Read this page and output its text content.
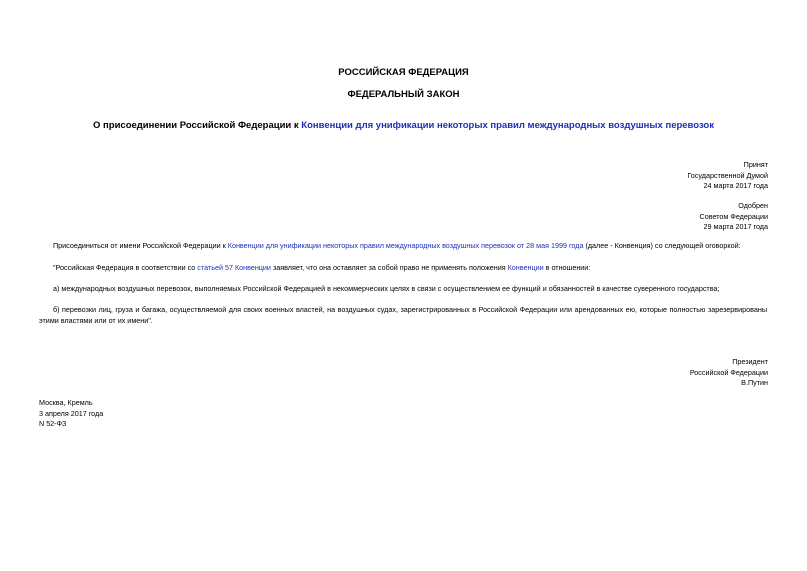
РОССИЙСКАЯ ФЕДЕРАЦИЯ
ФЕДЕРАЛЬНЫЙ ЗАКОН
О присоединении Российской Федерации к Конвенции для унификации некоторых правил международных воздушных перевозок
Принят
Государственной Думой
24 марта 2017 года
Одобрен
Советом Федерации
29 марта 2017 года
Присоединиться от имени Российской Федерации к Конвенции для унификации некоторых правил международных воздушных перевозок от 28 мая 1999 года (далее - Конвенция) со следующей оговоркой:
"Российская Федерация в соответствии со статьей 57 Конвенции заявляет, что она оставляет за собой право не применять положения Конвенции в отношении:
а) международных воздушных перевозок, выполняемых Российской Федерацией в некоммерческих целях в связи с осуществлением ее функций и обязанностей в качестве суверенного государства;
б) перевозки лиц, груза и багажа, осуществляемой для своих военных властей, на воздушных судах, зарегистрированных в Российской Федерации или арендованных ею, которые полностью зарезервированы этими властями или от их имени".
Президент
Российской Федерации
В.Путин
Москва, Кремль
3 апреля 2017 года
N 52-ФЗ
